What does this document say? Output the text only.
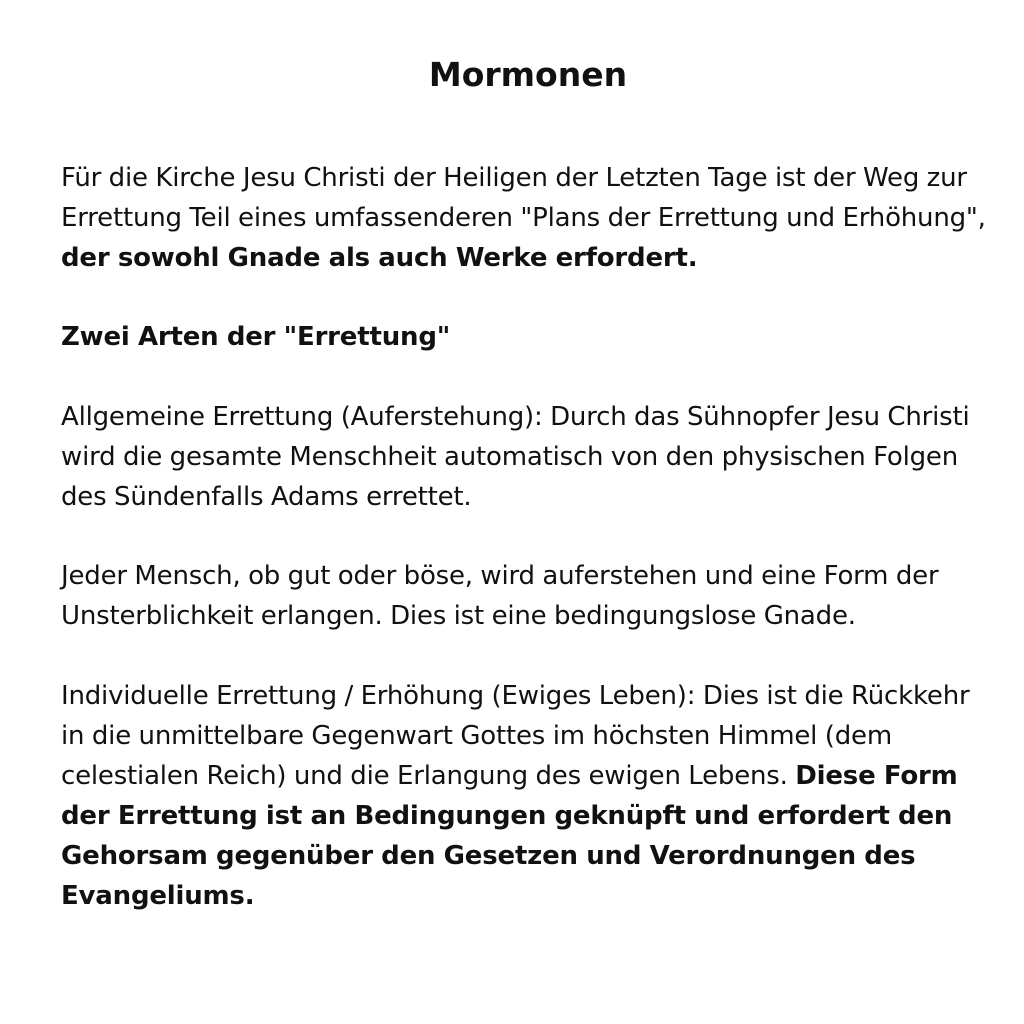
Mormonen

Für die Kirche Jesu Christi der Heiligen der Letzten Tage ist der Weg zur Errettung Teil eines umfassenderen "Plans der Errettung und Erhöhung", der sowohl Gnade als auch Werke erfordert.

Zwei Arten der "Errettung"

Allgemeine Errettung (Auferstehung): Durch das Sühnopfer Jesu Christi wird die gesamte Menschheit automatisch von den physischen Folgen des Sündenfalls Adams errettet.

Jeder Mensch, ob gut oder böse, wird auferstehen und eine Form der Unsterblichkeit erlangen. Dies ist eine bedingungslose Gnade.

Individuelle Errettung / Erhöhung (Ewiges Leben): Dies ist die Rückkehr in die unmittelbare Gegenwart Gottes im höchsten Himmel (dem celestialen Reich) und die Erlangung des ewigen Lebens. Diese Form der Errettung ist an Bedingungen geknüpft und erfordert den Gehorsam gegenüber den Gesetzen und Verordnungen des Evangeliums.
